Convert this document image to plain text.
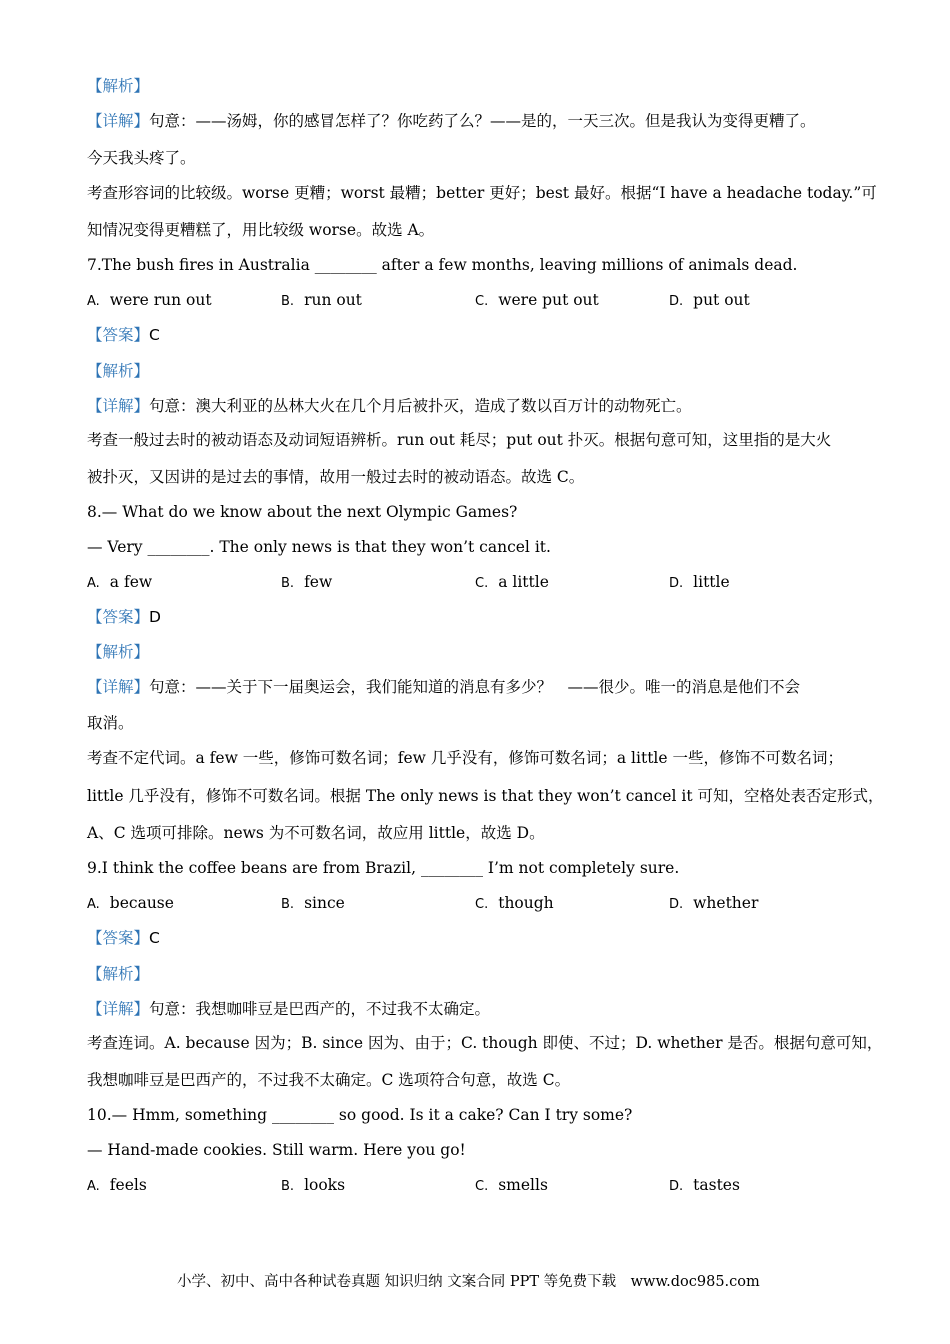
【解析】
【详解】句意：——汤姆，你的感冒怎样了？你吃药了么？——是的，一天三次。但是我认为变得更糟了。
今天我头疼了。
考查形容词的比较级。worse 更糟；worst 最糟；better 更好；best 最好。根据“I have a headache today.”可
知情况变得更糟糕了，用比较级 worse。故选 A。
7.The bush fires in Australia ________ after a few months, leaving millions of animals dead.
A. were run out	B. run out	C. were put out	D. put out
【答案】C
【解析】
【详解】句意：澳大利亚的丛林大火在几个月后被扑灭，造成了数以百万计的动物死亡。
考查一般过去时的被动语态及动词短语辨析。run out 耗尽；put out 扑灭。根据句意可知，这里指的是大火
被扑灭，又因讲的是过去的事情，故用一般过去时的被动语态。故选 C。
8.— What do we know about the next Olympic Games?
— Very ________. The only news is that they won’t cancel it.
A. a few	B. few	C. a little	D. little
【答案】D
【解析】
【详解】句意：——关于下一届奥运会，我们能知道的消息有多少？　——很少。唯一的消息是他们不会
取消。
考查不定代词。a few 一些，修饰可数名词；few 几乎没有，修饰可数名词；a little 一些，修饰不可数名词；
little 几乎没有，修饰不可数名词。根据 The only news is that they won’t cancel it 可知，空格处表否定形式，
A、C 选项可排除。news 为不可数名词，故应用 little，故选 D。
9.I think the coffee beans are from Brazil, ________ I’m not completely sure.
A. because	B. since	C. though	D. whether
【答案】C
【解析】
【详解】句意：我想咖啡豆是巴西产的，不过我不太确定。
考查连词。A. because 因为；B. since 因为、由于；C. though 即使、不过；D. whether 是否。根据句意可知，
我想咖啡豆是巴西产的，不过我不太确定。C 选项符合句意，故选 C。
10.— Hmm, something ________ so good. Is it a cake? Can I try some?
— Hand-made cookies. Still warm. Here you go!
A. feels	B. looks	C. smells	D. tastes
小学、初中、高中各种试卷真题 知识归纳 文案合同 PPT 等免费下载　www.doc985.com
